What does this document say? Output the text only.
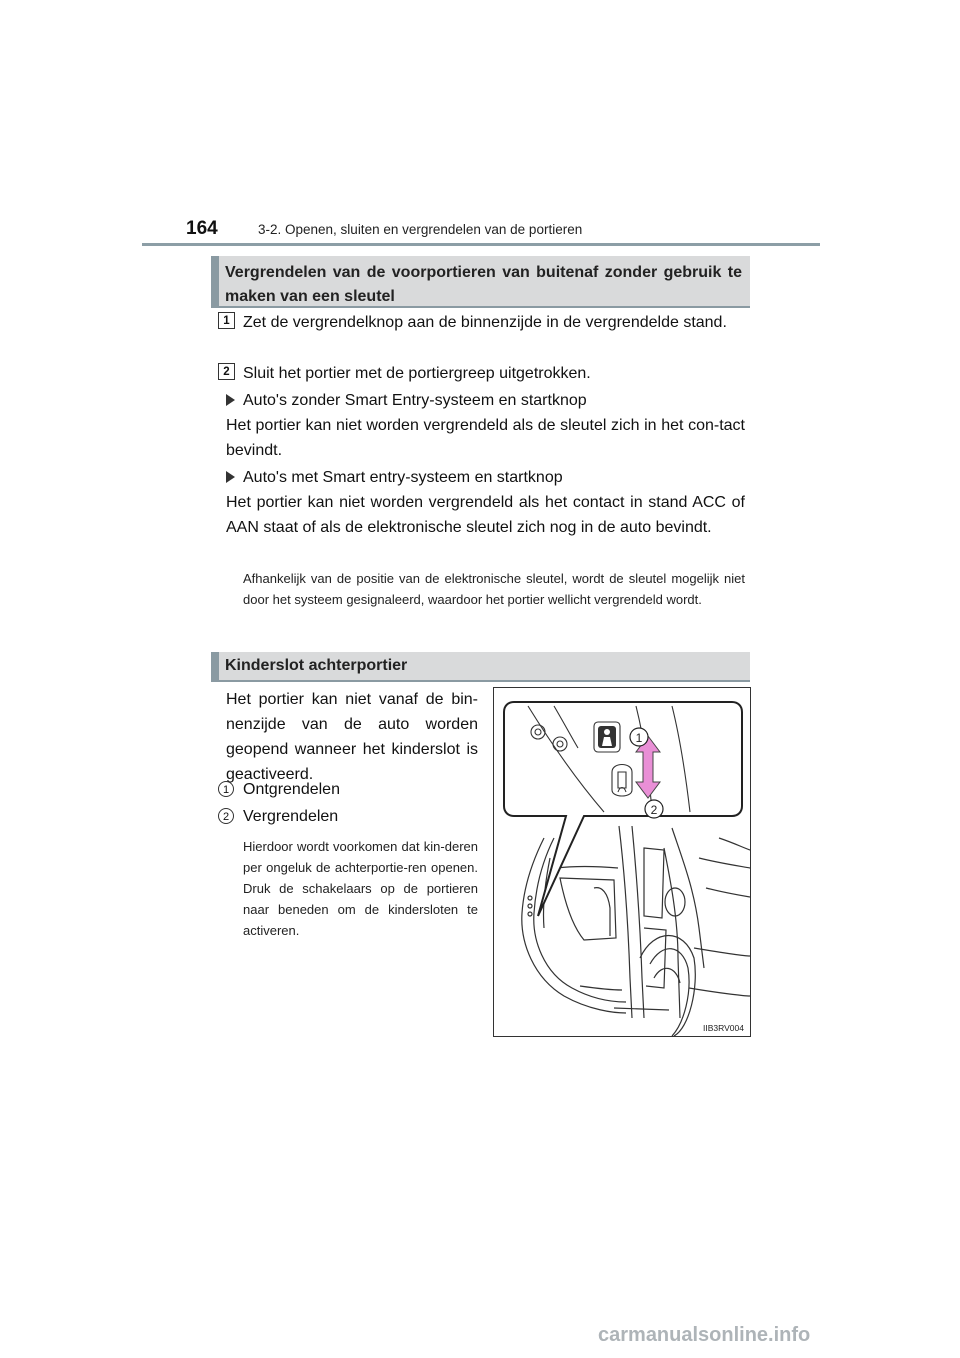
164	3-2. Openen, sluiten en vergrendelen van de portieren
Vergrendelen van de voorportieren van buitenaf zonder gebruik te maken van een sleutel
1 Zet de vergrendelknop aan de binnenzijde in de vergrendelde stand.
2 Sluit het portier met de portiergreep uitgetrokken.
Auto's zonder Smart Entry-systeem en startknop
Het portier kan niet worden vergrendeld als de sleutel zich in het con-tact bevindt.
Auto's met Smart entry-systeem en startknop
Het portier kan niet worden vergrendeld als het contact in stand ACC of AAN staat of als de elektronische sleutel zich nog in de auto bevindt.
Afhankelijk van de positie van de elektronische sleutel, wordt de sleutel mogelijk niet door het systeem gesignaleerd, waardoor het portier wellicht vergrendeld wordt.
Kinderslot achterportier
Het portier kan niet vanaf de bin-nenzijde van de auto worden geopend wanneer het kinderslot is geactiveerd.
1 Ontgrendelen
2 Vergrendelen
Hierdoor wordt voorkomen dat kin-deren per ongeluk de achterportie-ren openen. Druk de schakelaars op de portieren naar beneden om de kindersloten te activeren.
1
2
IIB3RV004
carmanualsonline.info
